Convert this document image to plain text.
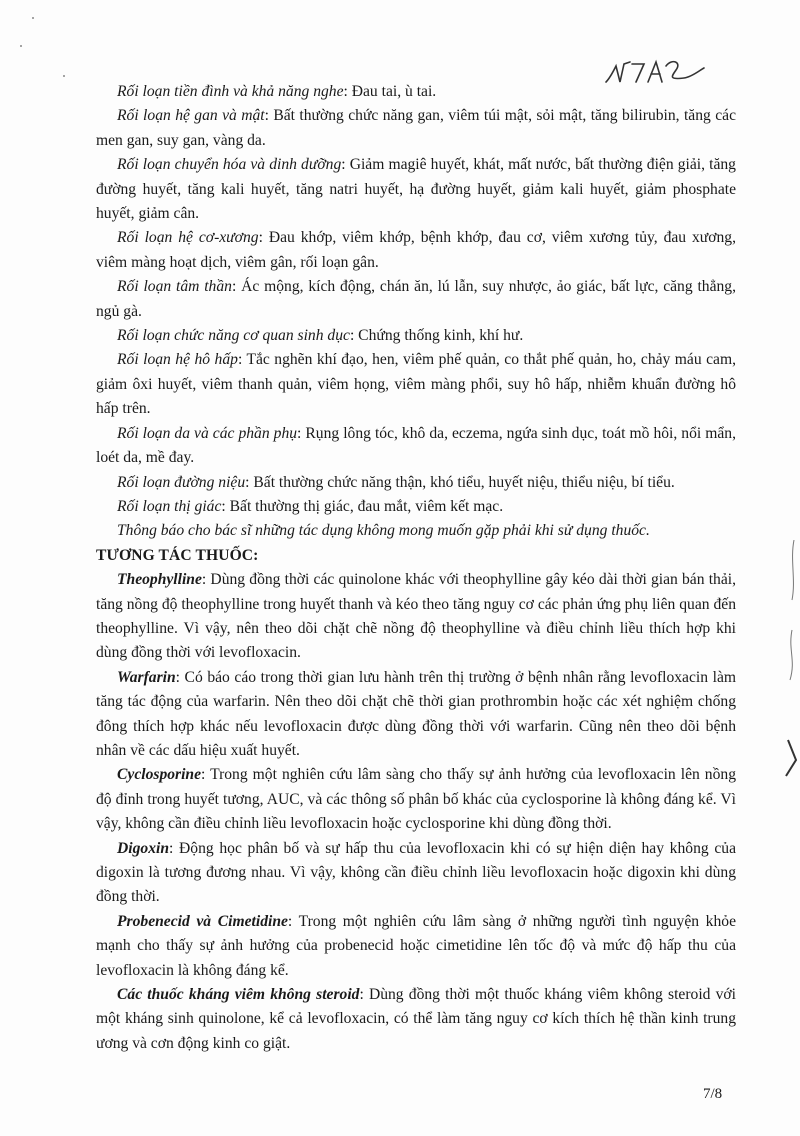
Rối loạn tiền đình và khả năng nghe: Đau tai, ù tai.

Rối loạn hệ gan và mật: Bất thường chức năng gan, viêm túi mật, sỏi mật, tăng bilirubin, tăng các men gan, suy gan, vàng da.

Rối loạn chuyển hóa và dinh dưỡng: Giảm magiê huyết, khát, mất nước, bất thường điện giải, tăng đường huyết, tăng kali huyết, tăng natri huyết, hạ đường huyết, giảm kali huyết, giảm phosphate huyết, giảm cân.

Rối loạn hệ cơ-xương: Đau khớp, viêm khớp, bệnh khớp, đau cơ, viêm xương tủy, đau xương, viêm màng hoạt dịch, viêm gân, rối loạn gân.

Rối loạn tâm thần: Ác mộng, kích động, chán ăn, lú lẫn, suy nhược, ảo giác, bất lực, căng thẳng, ngủ gà.

Rối loạn chức năng cơ quan sinh dục: Chứng thống kinh, khí hư.

Rối loạn hệ hô hấp: Tắc nghẽn khí đạo, hen, viêm phế quản, co thắt phế quản, ho, chảy máu cam, giảm ôxi huyết, viêm thanh quản, viêm họng, viêm màng phổi, suy hô hấp, nhiễm khuẩn đường hô hấp trên.

Rối loạn da và các phần phụ: Rụng lông tóc, khô da, eczema, ngứa sinh dục, toát mồ hôi, nổi mẩn, loét da, mề đay.

Rối loạn đường niệu: Bất thường chức năng thận, khó tiểu, huyết niệu, thiểu niệu, bí tiểu.

Rối loạn thị giác: Bất thường thị giác, đau mắt, viêm kết mạc.

Thông báo cho bác sĩ những tác dụng không mong muốn gặp phải khi sử dụng thuốc.

TƯƠNG TÁC THUỐC:

Theophylline: Dùng đồng thời các quinolone khác với theophylline gây kéo dài thời gian bán thải, tăng nồng độ theophylline trong huyết thanh và kéo theo tăng nguy cơ các phản ứng phụ liên quan đến theophylline. Vì vậy, nên theo dõi chặt chẽ nồng độ theophylline và điều chỉnh liều thích hợp khi dùng đồng thời với levofloxacin.

Warfarin: Có báo cáo trong thời gian lưu hành trên thị trường ở bệnh nhân rằng levofloxacin làm tăng tác động của warfarin. Nên theo dõi chặt chẽ thời gian prothrombin hoặc các xét nghiệm chống đông thích hợp khác nếu levofloxacin được dùng đồng thời với warfarin. Cũng nên theo dõi bệnh nhân về các dấu hiệu xuất huyết.

Cyclosporine: Trong một nghiên cứu lâm sàng cho thấy sự ảnh hưởng của levofloxacin lên nồng độ đỉnh trong huyết tương, AUC, và các thông số phân bố khác của cyclosporine là không đáng kể. Vì vậy, không cần điều chỉnh liều levofloxacin hoặc cyclosporine khi dùng đồng thời.

Digoxin: Động học phân bố và sự hấp thu của levofloxacin khi có sự hiện diện hay không của digoxin là tương đương nhau. Vì vậy, không cần điều chỉnh liều levofloxacin hoặc digoxin khi dùng đồng thời.

Probenecid và Cimetidine: Trong một nghiên cứu lâm sàng ở những người tình nguyện khỏe mạnh cho thấy sự ảnh hưởng của probenecid hoặc cimetidine lên tốc độ và mức độ hấp thu của levofloxacin là không đáng kể.

Các thuốc kháng viêm không steroid: Dùng đồng thời một thuốc kháng viêm không steroid với một kháng sinh quinolone, kể cả levofloxacin, có thể làm tăng nguy cơ kích thích hệ thần kinh trung ương và cơn động kinh co giật.

7/8
